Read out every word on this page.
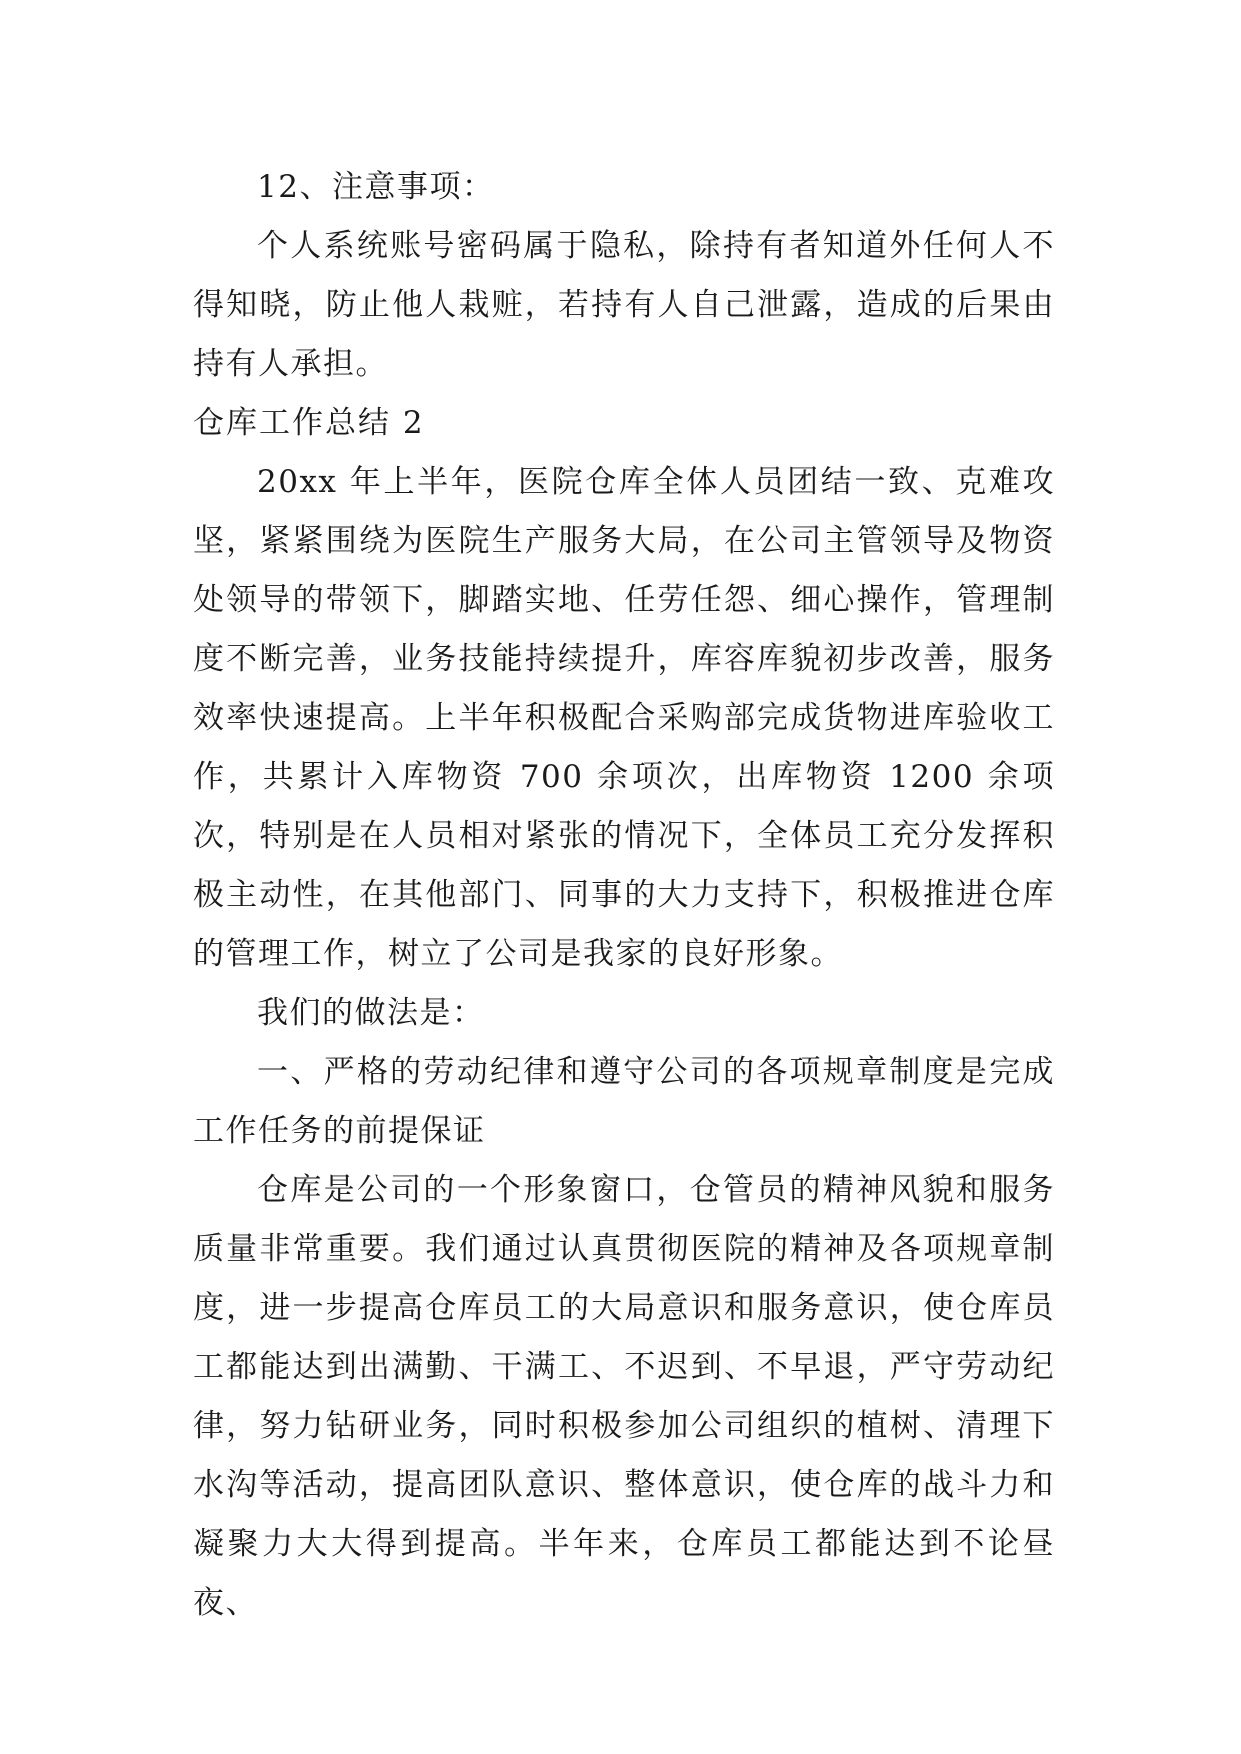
12、注意事项：

个人系统账号密码属于隐私，除持有者知道外任何人不得知晓，防止他人栽赃，若持有人自己泄露，造成的后果由持有人承担。

仓库工作总结 2

20xx 年上半年，医院仓库全体人员团结一致、克难攻坚，紧紧围绕为医院生产服务大局，在公司主管领导及物资处领导的带领下，脚踏实地、任劳任怨、细心操作，管理制度不断完善，业务技能持续提升，库容库貌初步改善，服务效率快速提高。上半年积极配合采购部完成货物进库验收工作，共累计入库物资 700 余项次，出库物资 1200 余项次，特别是在人员相对紧张的情况下，全体员工充分发挥积极主动性，在其他部门、同事的大力支持下，积极推进仓库的管理工作，树立了公司是我家的良好形象。

我们的做法是：

一、严格的劳动纪律和遵守公司的各项规章制度是完成工作任务的前提保证

仓库是公司的一个形象窗口，仓管员的精神风貌和服务质量非常重要。我们通过认真贯彻医院的精神及各项规章制度，进一步提高仓库员工的大局意识和服务意识，使仓库员工都能达到出满勤、干满工、不迟到、不早退，严守劳动纪律，努力钻研业务，同时积极参加公司组织的植树、清理下水沟等活动，提高团队意识、整体意识，使仓库的战斗力和凝聚力大大得到提高。半年来，仓库员工都能达到不论昼夜、
